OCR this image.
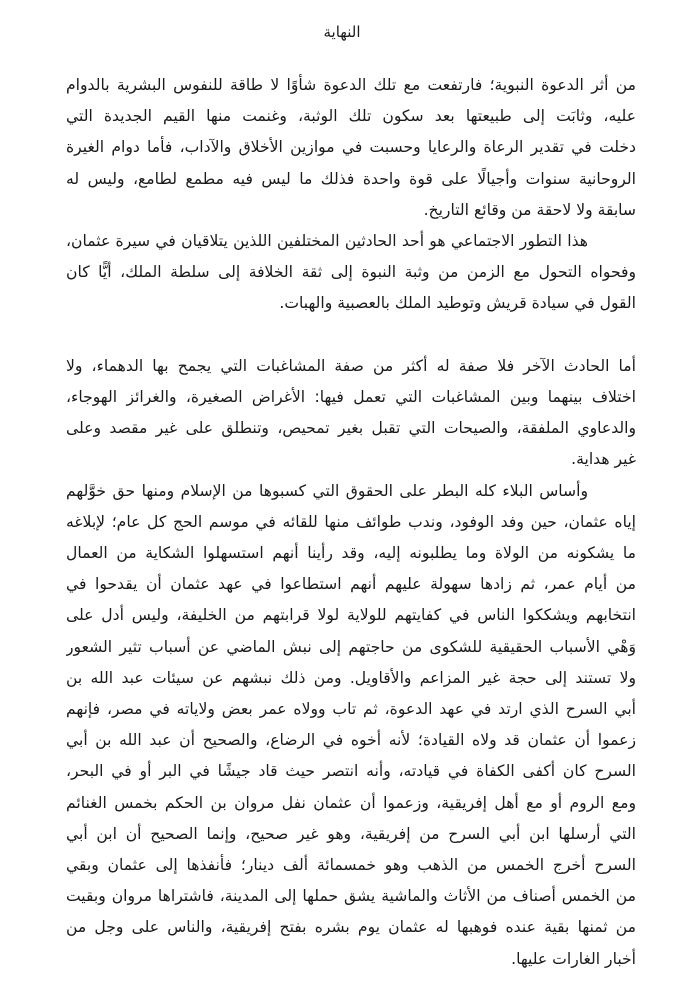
النهاية
من أثر الدعوة النبوية؛ فارتفعت مع تلك الدعوة شأوًا لا طاقة للنفوس البشرية بالدوام
عليه، وثابَت إلى طبيعتها بعد سكون تلك الوثبة، وغنمت منها القيم الجديدة التي
دخلت في تقدير الرعاة والرعايا وحسبت في موازين الأخلاق والآداب، فأما دوام الغيرة
الروحانية سنوات وأجيالًا على قوة واحدة فذلك ما ليس فيه مطمع لطامع، وليس له
سابقة ولا لاحقة من وقائع التاريخ.
هذا التطور الاجتماعي هو أحد الحادثين المختلفين اللذين يتلاقيان في سيرة عثمان،
وفحواه التحول مع الزمن من وثبة النبوة إلى ثقة الخلافة إلى سلطة الملك، أيًّا كان
القول في سيادة قريش وتوطيد الملك بالعصبية والهبات.
أما الحادث الآخر فلا صفة له أكثر من صفة المشاغبات التي يجمح بها الدهماء، ولا
اختلاف بينهما وبين المشاغبات التي تعمل فيها: الأغراض الصغيرة، والغرائز الهوجاء،
والدعاوي الملفقة، والصيحات التي تقبل بغير تمحيص، وتنطلق على غير مقصد وعلى
غير هداية.
وأساس البلاء كله البطر على الحقوق التي كسبوها من الإسلام ومنها حق خوَّلهم
إياه عثمان، حين وفد الوفود، وندب طوائف منها للقائه في موسم الحج كل عام؛ لإبلاغه
ما يشكونه من الولاة وما يطلبونه إليه، وقد رأينا أنهم استسهلوا الشكاية من العمال
من أيام عمر، ثم زادها سهولة عليهم أنهم استطاعوا في عهد عثمان أن يقدحوا في
انتخابهم ويشككوا الناس في كفايتهم للولاية لولا قرابتهم من الخليفة، وليس أدل على
وَهْي الأسباب الحقيقية للشكوى من حاجتهم إلى نبش الماضي عن أسباب تثير الشعور
ولا تستند إلى حجة غير المزاعم والأقاويل. ومن ذلك نبشهم عن سيئات عبد الله بن
أبي السرح الذي ارتد في عهد الدعوة، ثم تاب وولاه عمر بعض ولاياته في مصر، فإنهم
زعموا أن عثمان قد ولاه القيادة؛ لأنه أخوه في الرضاع، والصحيح أن عبد الله بن أبي
السرح كان أكفى الكفاة في قيادته، وأنه انتصر حيث قاد جيشًا في البر أو في البحر،
ومع الروم أو مع أهل إفريقية، وزعموا أن عثمان نفل مروان بن الحكم بخمس الغنائم
التي أرسلها ابن أبي السرح من إفريقية، وهو غير صحيح، وإنما الصحيح أن ابن أبي
السرح أخرج الخمس من الذهب وهو خمسمائة ألف دينار؛ فأنفذها إلى عثمان وبقي
من الخمس أصناف من الأثاث والماشية يشق حملها إلى المدينة، فاشتراها مروان وبقيت
من ثمنها بقية عنده فوهبها له عثمان يوم بشره بفتح إفريقية، والناس على وجل من
أخبار الغارات عليها.
